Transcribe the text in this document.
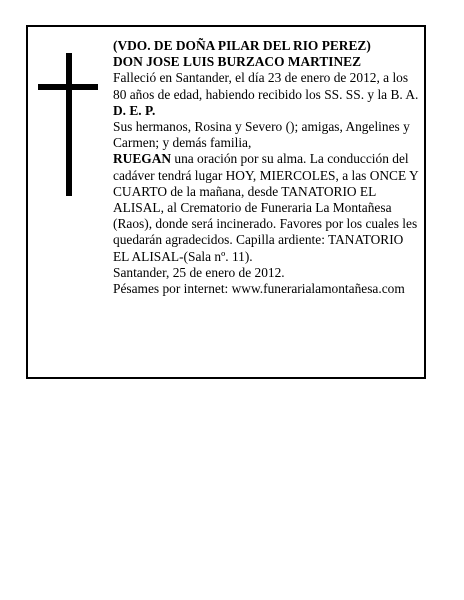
(VDO. DE DOÑA PILAR DEL RIO PEREZ)

DON JOSE LUIS BURZACO MARTINEZ

Falleció en Santander, el día 23 de enero de 2012, a los 80 años de edad, habiendo recibido los SS. SS. y la B. A.

D. E. P.

Sus hermanos, Rosina y Severo (); amigas, Angelines y Carmen; y demás familia,

RUEGAN una oración por su alma. La conducción del cadáver tendrá lugar HOY, MIERCOLES, a las ONCE Y CUARTO de la mañana, desde TANATORIO EL ALISAL, al Crematorio de Funeraria La Montañesa (Raos), donde será incinerado. Favores por los cuales les quedarán agradecidos. Capilla ardiente: TANATORIO EL ALISAL-(Sala nº. 11).

Santander, 25 de enero de 2012.

Pésames por internet: www.funerarialamontañesa.com
